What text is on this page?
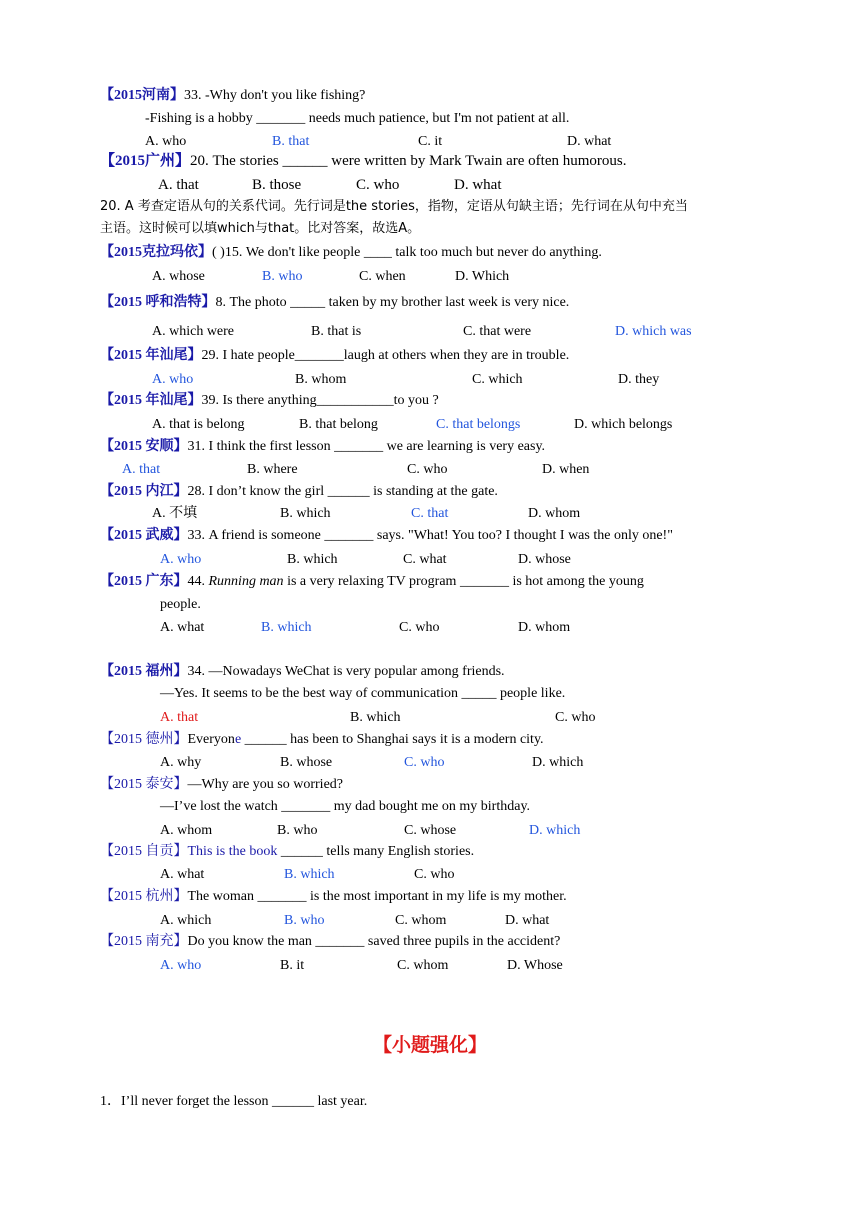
【2015河南】33. -Why don't you like fishing?
-Fishing is a hobby _______ needs much patience, but I'm not patient at all.
A. who	B. that	C. it	D. what
【2015广州】20. The stories ______ were written by Mark Twain are often humorous.
A. that	B. those	C. who	D. what
20. A 考查定语从句的关系代词。先行词是the stories，指物，定语从句缺主语；先行词在从句中充当
主语。这时候可以填which与that。比对答案，故选A。
【2015克拉玛依】( )15. We don't like people ____ talk too much but never do anything.
A. whose	B. who	C. when	D. Which
【2015 呼和浩特】8. The photo _____ taken by my brother last week is very nice.
A. which were	B. that is	C. that were	D. which was
【2015 年汕尾】29. I hate people_______laugh at others when they are in trouble.
A. who	B. whom	C. which	D. they
【2015 年汕尾】39. Is there anything___________to you ?
A. that is belong	B. that belong	C. that belongs	D. which belongs
【2015 安顺】31. I think the first lesson _______ we are learning is very easy.
A. that	B. where	C. who	D. when
【2015 内江】28. I don’t know the girl ______ is standing at the gate.
A. 不填	B. which	C. that	D. whom
【2015 武威】33. A friend is someone _______ says. "What! You too? I thought I was the only one!"
A. who	B. which	C. what	D. whose
【2015 广东】44. Running man is a very relaxing TV program _______ is hot among the young
people.
A. what	B. which	C. who	D. whom
【2015 福州】34. —Nowadays WeChat is very popular among friends.
—Yes. It seems to be the best way of communication _____ people like.
A. that	B. which	C. who
【2015 德州】Everyone ______ has been to Shanghai says it is a modern city.
A. why	B. whose	C. who	D. which
【2015 泰安】—Why are you so worried?
—I’ve lost the watch _______ my dad bought me on my birthday.
A. whom	B. who	C. whose	D. which
【2015 自贡】This is the book ______ tells many English stories.
A. what	B. which	C. who
【2015 杭州】The woman _______ is the most important in my life is my mother.
A. which	B. who	C. whom	D. what
【2015 南充】Do you know the man _______ saved three pupils in the accident?
A. who	B. it	C. whom	D. Whose
【小题强化】
1．I’ll never forget the lesson ______ last year.
